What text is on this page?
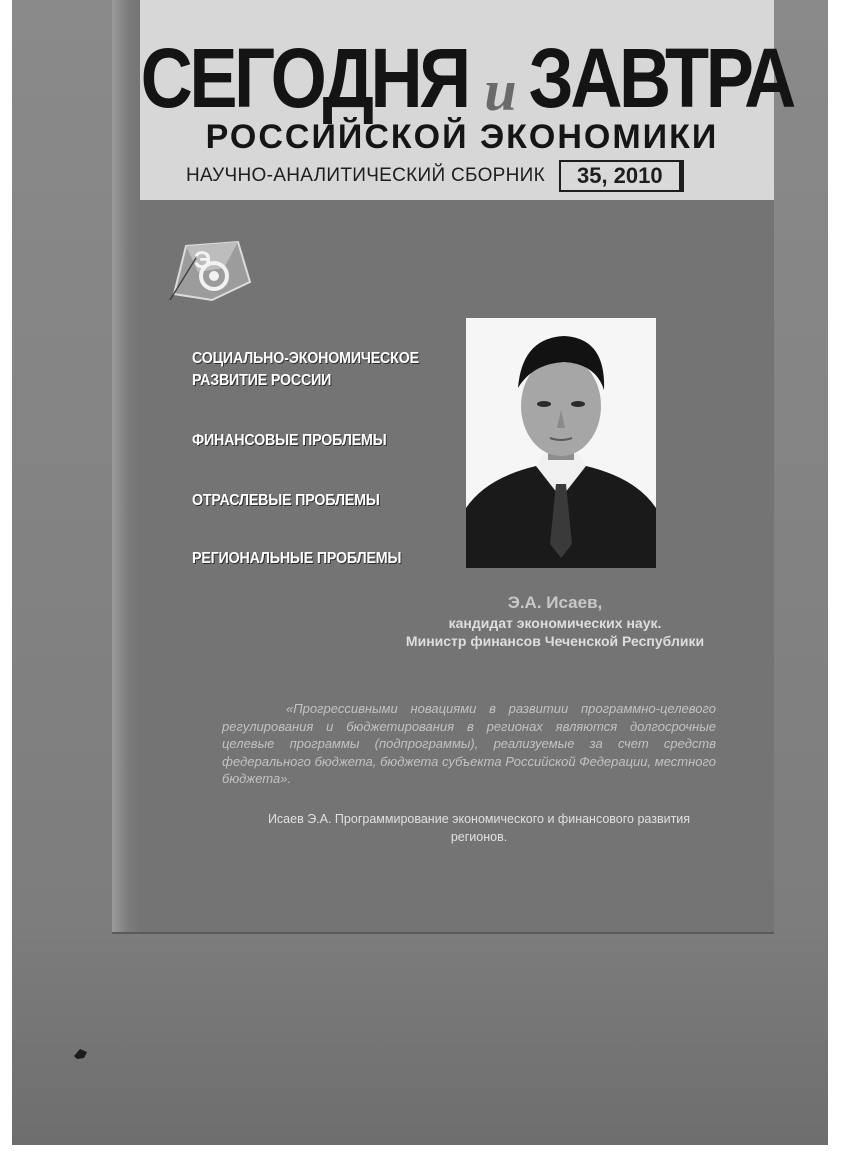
СЕГОДНЯ и ЗАВТРА
РОССИЙСКОЙ ЭКОНОМИКИ
НАУЧНО-АНАЛИТИЧЕСКИЙ СБОРНИК	35, 2010
Э
СОЦИАЛЬНО-ЭКОНОМИЧЕСКОЕ
РАЗВИТИЕ РОССИИ
ФИНАНСОВЫЕ ПРОБЛЕМЫ
ОТРАСЛЕВЫЕ ПРОБЛЕМЫ
РЕГИОНАЛЬНЫЕ ПРОБЛЕМЫ
Э.А. Исаев,
кандидат экономических наук.
Министр финансов Чеченской Республики
«Прогрессивными новациями в развитии программно-целевого регулирования и бюджетирования в регионах являются долгосрочные целевые программы (подпрограммы), реализуемые за счет средств федерального бюджета, бюджета субъекта Российской Федерации, местного бюджета».
Исаев Э.А. Программирование экономического и финансового развития регионов.
